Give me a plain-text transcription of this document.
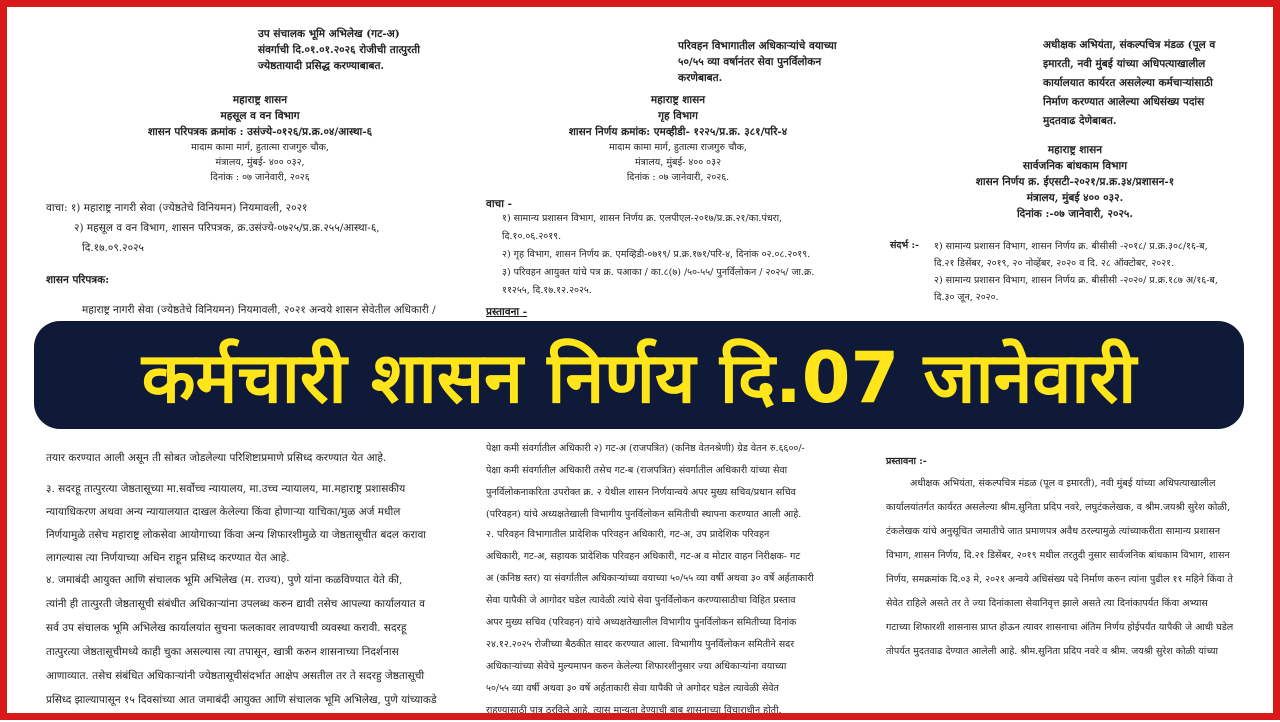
उप संचालक भूमि अभिलेख (गट-अ)
संवर्गाची दि.०१.०१.२०२६ रोजीची तात्पुरती
ज्येष्ठतायादी प्रसिद्ध करण्याबाबत.
महाराष्ट्र शासन
महसूल व वन विभाग
शासन परिपत्रक क्रमांक : उसंज्ये-०१२६/प्र.क्र.०४/आस्था-६
मादाम कामा मार्ग, हुतात्मा राजगुरु चौक,
मंत्रालय, मुंबई- ४०० ०३२,
दिनांक : ०७ जानेवारी, २०२६
वाचा: १) महाराष्ट्र नागरी सेवा (ज्येष्ठतेचे विनियमन) नियमावली, २०२१
२) महसूल व वन विभाग, शासन परिपत्रक, क्र.उसंज्ये-०७२५/प्र.क्र.२५५/आस्था-६,
दि.१७.०९.२०२५
शासन परिपत्रक:
महाराष्ट्र नागरी सेवा (ज्येष्ठतेचे विनियमन) नियमावली, २०२१ अन्वये शासन सेवेतील अधिकारी /
तयार करण्यात आली असून ती सोबत जोडलेल्या परिशिष्टाप्रमाणे प्रसिध्द करण्यात येत आहे.
३. सदरहू तात्पुरत्या जेष्ठतासूच्या मा.सर्वोच्च न्यायालय, मा.उच्च न्यायालय, मा.महाराष्ट्र प्रशासकीय
न्यायाधिकरण अथवा अन्य न्यायालयात दाखल केलेल्या किंवा होणाऱ्या याचिका/मुळ अर्ज मधील
निर्णयामुळे तसेच महाराष्ट्र लोकसेवा आयोगाच्या किंवा अन्य शिफारशीमुळे या जेष्ठतासूचीत बदल करावा
लागल्यास त्या निर्णयाच्या अधिन राहून प्रसिध्द करण्यात येत आहे.
४. जमाबंदी आयुक्त आणि संचालक भूमि अभिलेख (म. राज्य), पुणे यांना कळविण्यात येते की,
त्यांनी ही तात्पुरती जेष्ठतासूची संबंधीत अधिकाऱ्यांना उपलब्ध करुन द्यावी तसेच आपल्या कार्यालयात व
सर्व उप संचालक भूमि अभिलेख कार्यालयांत सुचना फलकावर लावण्याची व्यवस्था करावी. सदरहू
तात्पुरत्या जेष्ठतासूचीमध्ये काही चुका असल्यास त्या तपासून, खात्री करुन शासनाच्या निदर्शनास
आणाव्यात. तसेच संबंधित अधिकाऱ्यांनी ज्येष्ठतासूचीसंदर्भात आक्षेप असतील तर ते सदरहु जेष्ठतासूची
प्रसिध्द झाल्यापासून १५ दिवसांच्या आत जमाबंदी आयुक्त आणि संचालक भूमि अभिलेख, पुणे यांच्याकडे
परिवहन विभागातील अधिकाऱ्यांचे वयाच्या
५०/५५ व्या वर्षानंतर सेवा पुनर्विलोकन
करणेबाबत.
महाराष्ट्र शासन
गृह विभाग
शासन निर्णय क्रमांक: एमव्हीडी- १२२५/प्र.क्र. ३८१/परि-४
मादाम कामा मार्ग, हुतात्मा राजगुरु चौक,
मंत्रालय, मुंबई- ४०० ०३२
दिनांक : ०७ जानेवारी, २०२६.
वाचा -
१) सामान्य प्रशासन विभाग, शासन निर्णय क्र. एलपीएल-२०१७/प्र.क्र.२१/का.पंधरा,
दि.१०.०६.२०१९.
२) गृह विभाग, शासन निर्णय क्र. एमव्हिडी-०७१९/ प्र.क्र.१७१/परि-४, दिनांक ०२.०८.२०१९.
३) परिवहन आयुक्त यांचे पत्र क्र. पआका / का.८(७) /५०-५५/ पुनर्विलोकन / २०२५/ जा.क्र.
११२५५, दि.१७.१२.२०२५.
प्रस्तावना -
पेक्षा कमी संवर्गातील अधिकारी २) गट-अ (राजपत्रित) (कनिष्ठ वेतनश्रेणी) ग्रेड वेतन रु.६६००/-
पेक्षा कमी संवर्गातील अधिकारी तसेच गट-ब (राजपत्रित) संवर्गातील अधिकारी यांच्या सेवा
पुनर्विलोकनाकरिता उपरोक्त क्र. २ येथील शासन निर्णयान्वये अपर मुख्य सचिव/प्रधान सचिव
(परिवहन) यांचे अध्यक्षतेखाली विभागीय पुनर्विलोकन समितीची स्थापना करण्यात आली आहे.
२. परिवहन विभागातील प्रादेशिक परिवहन अधिकारी, गट-अ, उप प्रादेशिक परिवहन
अधिकारी, गट-अ, सहायक प्रादेशिक परिवहन अधिकारी, गट-अ व मोटार वाहन निरीक्षक- गट
अ (कनिष्ठ स्तर) या संवर्गातील अधिकाऱ्यांच्या वयाच्या ५०/५५ व्या वर्षी अथवा ३० वर्षे अर्हताकारी
सेवा यापैकी जे आगोदर घडेल त्यावेळी त्यांचे सेवा पुनर्विलोकन करण्यासाठीचा विहित प्रस्ताव
अपर मुख्य सचिव (परिवहन) यांचे अध्यक्षतेखालील विभागीय पुनर्विलोकन समितीच्या दिनांक
२४.१२.२०२५ रोजीच्या बैठकीत सादर करण्यात आला. विभागीय पुनर्विलोकन समितीने सदर
अधिकाऱ्यांच्या सेवेचे मुल्यमापन करुन केलेल्या शिफारशीनुसार ज्या अधिकाऱ्यांना वयाच्या
५०/५५ व्या वर्षी अथवा ३० वर्षे अर्हताकारी सेवा यापैकी जे अगोदर घडेल त्यावेळी सेवेत
राहण्यासाठी पात्र ठरविले आहे, त्यास मान्यता देण्याची बाब शासनाच्या विचाराधीन होती.
अधीक्षक अभियंता, संकल्पचित्र मंडळ (पूल व
इमारती, नवी मुंबई यांच्या अधिपत्याखालील
कार्यालयात कार्यरत असलेल्या कर्मचाऱ्यांसाठी
निर्माण करण्यात आलेल्या अधिसंख्य पदांस
मुदतवाढ देणेबाबत.
महाराष्ट्र शासन
सार्वजनिक बांधकाम विभाग
शासन निर्णय क्र. ईएसटी-२०२१/प्र.क्र.३४/प्रशासन-१
मंत्रालय, मुंबई ४०० ०३२.
दिनांक :-०७ जानेवारी, २०२५.
संदर्भ :- १) सामान्य प्रशासन विभाग, शासन निर्णय क्र. बीसीसी -२०१८/ प्र.क्र.३०८/१६-ब,
दि.२१ डिसेंबर, २०१९, २० नोव्हेंबर, २०२० व दि. २८ ऑक्टोबर, २०२१.
२) सामान्य प्रशासन विभाग, शासन निर्णय क्र. बीसीसी -२०२०/ प्र.क्र.१८७ अ/१६-ब,
दि.३० जून, २०२०.
प्रस्तावना :-
अधीक्षक अभियंता, संकल्पचित्र मंडळ (पूल व इमारती), नवी मुंबई यांच्या अधिपत्याखालील
कार्यालयांतर्गत कार्यरत असलेल्या श्रीम.सुनिता प्रदिप नवरे, लघुटंकलेखक, व श्रीम.जयश्री सुरेश कोळी,
टंकलेखक यांचे अनुसूचित जमातीचे जात प्रमाणपत्र अवैध ठरल्यामुळे त्यांच्याकरीता सामान्य प्रशासन
विभाग, शासन निर्णय, दि.२१ डिसेंबर, २०१९ मधील तरतुदी नुसार सार्वजनिक बांधकाम विभाग, शासन
निर्णय, समक्रमांक दि.०३ मे, २०२१ अन्वये अधिसंख्य पदे निर्माण करुन त्यांना पुढील ११ महिने किंवा ते
सेवेत राहिले असते तर ते ज्या दिनांकाला सेवानिवृत्त झाले असते त्या दिनांकापर्यत किंवा अभ्यास
गटाच्या शिफारशी शासनास प्राप्त होऊन त्यावर शासनाचा अंतिम निर्णय होईपर्यंत यापैकी जे आधी घडेल
तोपर्यत मुदतवाढ देण्यात आलेली आहे. श्रीम.सुनिता प्रदिप नवरे व श्रीम. जयश्री सुरेश कोळी यांच्या
कर्मचारी शासन निर्णय दि.07 जानेवारी
